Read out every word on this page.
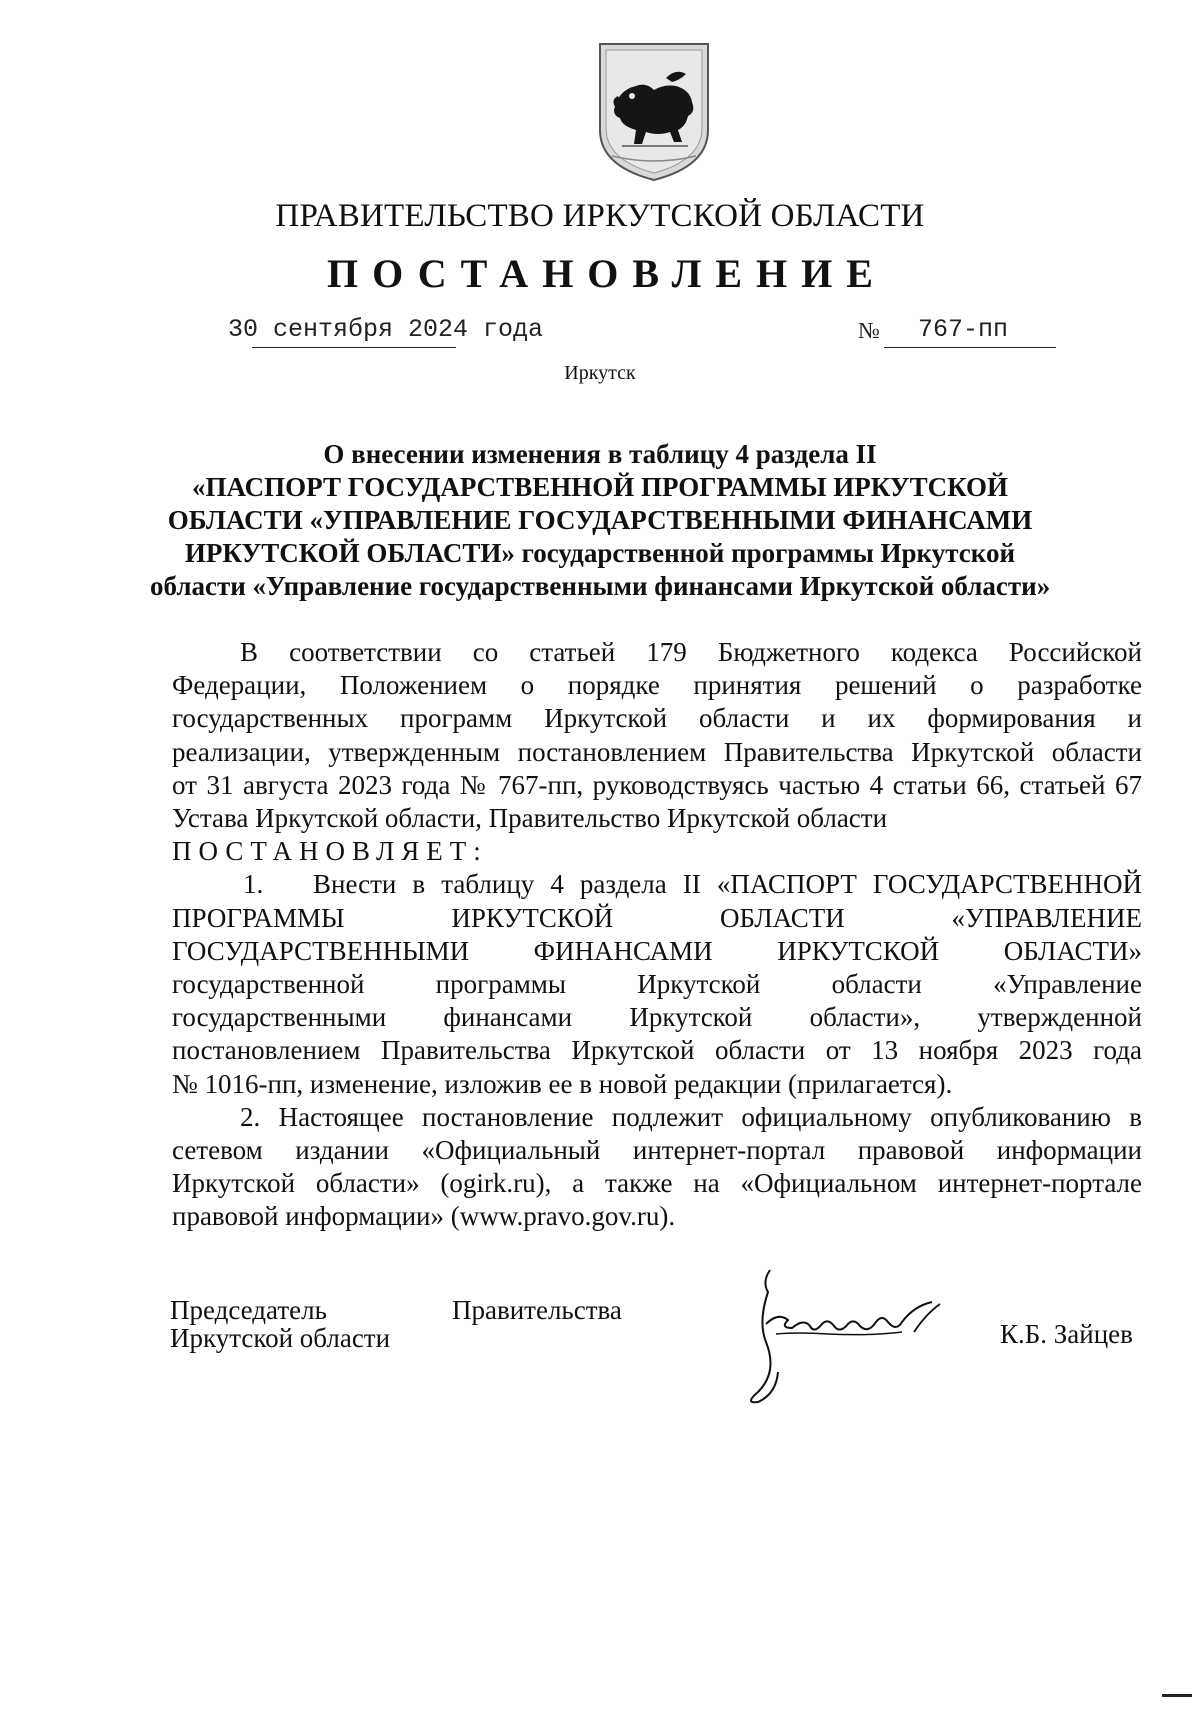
ПРАВИТЕЛЬСТВО ИРКУТСКОЙ ОБЛАСТИ
ПОСТАНОВЛЕНИЕ
30 сентября 2024 года	№ 767-пп
Иркутск
О внесении изменения в таблицу 4 раздела II
«ПАСПОРТ ГОСУДАРСТВЕННОЙ ПРОГРАММЫ ИРКУТСКОЙ
ОБЛАСТИ «УПРАВЛЕНИЕ ГОСУДАРСТВЕННЫМИ ФИНАНСАМИ
ИРКУТСКОЙ ОБЛАСТИ» государственной программы Иркутской
области «Управление государственными финансами Иркутской области»
В соответствии со статьей 179 Бюджетного кодекса Российской
Федерации, Положением о порядке принятия решений о разработке
государственных программ Иркутской области и их формирования и
реализации, утвержденным постановлением Правительства Иркутской области
от 31 августа 2023 года № 767-пп, руководствуясь частью 4 статьи 66, статьей 67
Устава Иркутской области, Правительство Иркутской области
ПОСТАНОВЛЯЕТ:
1. Внести в таблицу 4 раздела II «ПАСПОРТ ГОСУДАРСТВЕННОЙ
ПРОГРАММЫ ИРКУТСКОЙ ОБЛАСТИ «УПРАВЛЕНИЕ
ГОСУДАРСТВЕННЫМИ ФИНАНСАМИ ИРКУТСКОЙ ОБЛАСТИ»
государственной программы Иркутской области «Управление
государственными финансами Иркутской области», утвержденной
постановлением Правительства Иркутской области от 13 ноября 2023 года
№ 1016-пп, изменение, изложив ее в новой редакции (прилагается).
2. Настоящее постановление подлежит официальному опубликованию в
сетевом издании «Официальный интернет-портал правовой информации
Иркутской области» (ogirk.ru), а также на «Официальном интернет-портале
правовой информации» (www.pravo.gov.ru).
Председатель
Иркутской области
Правительства
К.Б. Зайцев
